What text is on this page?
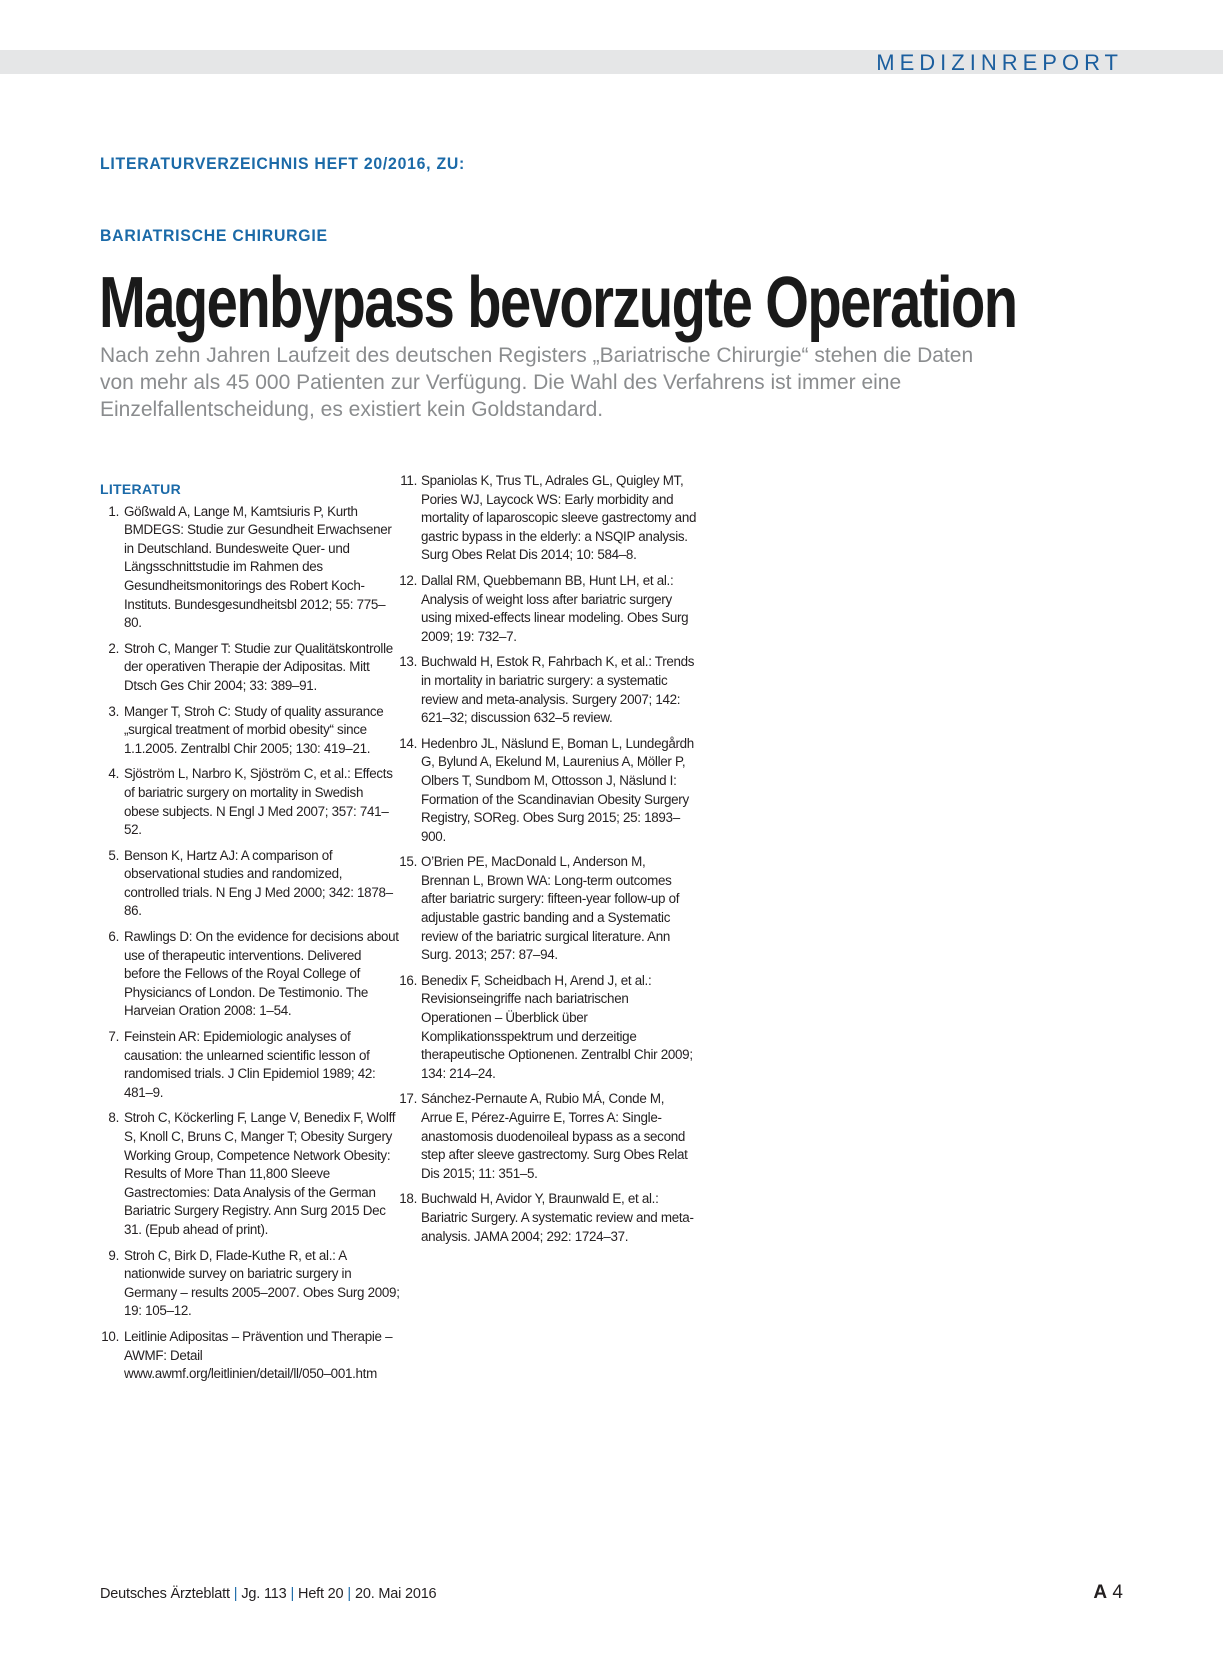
MEDIZINREPORT
LITERATURVERZEICHNIS HEFT 20/2016, ZU:
BARIATRISCHE CHIRURGIE
Magenbypass bevorzugte Operation

Nach zehn Jahren Laufzeit des deutschen Registers „Bariatrische Chirurgie“ stehen die Daten von mehr als 45 000 Patienten zur Verfügung. Die Wahl des Verfahrens ist immer eine Einzelfallentscheidung, es existiert kein Goldstandard.

LITERATUR
1. Gößwald A, Lange M, Kamtsiuris P, Kurth BMDEGS: Studie zur Gesundheit Erwachsener in Deutschland. Bundesweite Quer- und Längsschnittstudie im Rahmen des Gesundheitsmonitorings des Robert Koch-Instituts. Bundesgesundheitsbl 2012; 55: 775–80.
2. Stroh C, Manger T: Studie zur Qualitätskontrolle der operativen Therapie der Adipositas. Mitt Dtsch Ges Chir 2004; 33: 389–91.
3. Manger T, Stroh C: Study of quality assurance „surgical treatment of morbid obesity“ since 1.1.2005. Zentralbl Chir 2005; 130: 419–21.
4. Sjöström L, Narbro K, Sjöström C, et al.: Effects of bariatric surgery on mortality in Swedish obese subjects. N Engl J Med 2007; 357: 741–52.
5. Benson K, Hartz AJ: A comparison of observational studies and randomized, controlled trials. N Eng J Med 2000; 342: 1878–86.
6. Rawlings D: On the evidence for decisions about use of therapeutic interventions. Delivered before the Fellows of the Royal College of Physiciancs of London. De Testimonio. The Harveian Oration 2008: 1–54.
7. Feinstein AR: Epidemiologic analyses of causation: the unlearned scientific lesson of randomised trials. J Clin Epidemiol 1989; 42: 481–9.
8. Stroh C, Köckerling F, Lange V, Benedix F, Wolff S, Knoll C, Bruns C, Manger T; Obesity Surgery Working Group, Competence Network Obesity: Results of More Than 11,800 Sleeve Gastrectomies: Data Analysis of the German Bariatric Surgery Registry. Ann Surg 2015 Dec 31. (Epub ahead of print).
9. Stroh C, Birk D, Flade-Kuthe R, et al.: A nationwide survey on bariatric surgery in Germany – results 2005–2007. Obes Surg 2009; 19: 105–12.
10. Leitlinie Adipositas – Prävention und Therapie – AWMF: Detail www.awmf.org/leitlinien/detail/ll/050–001.htm
11. Spaniolas K, Trus TL, Adrales GL, Quigley MT, Pories WJ, Laycock WS: Early morbidity and mortality of laparoscopic sleeve gastrectomy and gastric bypass in the elderly: a NSQIP analysis. Surg Obes Relat Dis 2014; 10: 584–8.
12. Dallal RM, Quebbemann BB, Hunt LH, et al.: Analysis of weight loss after bariatric surgery using mixed-effects linear modeling. Obes Surg 2009; 19: 732–7.
13. Buchwald H, Estok R, Fahrbach K, et al.: Trends in mortality in bariatric surgery: a systematic review and meta-analysis. Surgery 2007; 142: 621–32; discussion 632–5 review.
14. Hedenbro JL, Näslund E, Boman L, Lundegårdh G, Bylund A, Ekelund M, Laurenius A, Möller P, Olbers T, Sundbom M, Ottosson J, Näslund I: Formation of the Scandinavian Obesity Surgery Registry, SOReg. Obes Surg 2015; 25: 1893–900.
15. O’Brien PE, MacDonald L, Anderson M, Brennan L, Brown WA: Long-term outcomes after bariatric surgery: fifteen-year follow-up of adjustable gastric banding and a Systematic review of the bariatric surgical literature. Ann Surg. 2013; 257: 87–94.
16. Benedix F, Scheidbach H, Arend J, et al.: Revisionseingriffe nach bariatrischen Operationen – Überblick über Komplikationsspektrum und derzeitige therapeutische Optionenen. Zentralbl Chir 2009; 134: 214–24.
17. Sánchez-Pernaute A, Rubio MÁ, Conde M, Arrue E, Pérez-Aguirre E, Torres A: Single-anastomosis duodenoileal bypass as a second step after sleeve gastrectomy. Surg Obes Relat Dis 2015; 11: 351–5.
18. Buchwald H, Avidor Y, Braunwald E, et al.: Bariatric Surgery. A systematic review and meta-analysis. JAMA 2004; 292: 1724–37.
Deutsches Ärzteblatt | Jg. 113 | Heft 20 | 20. Mai 2016	A 4
